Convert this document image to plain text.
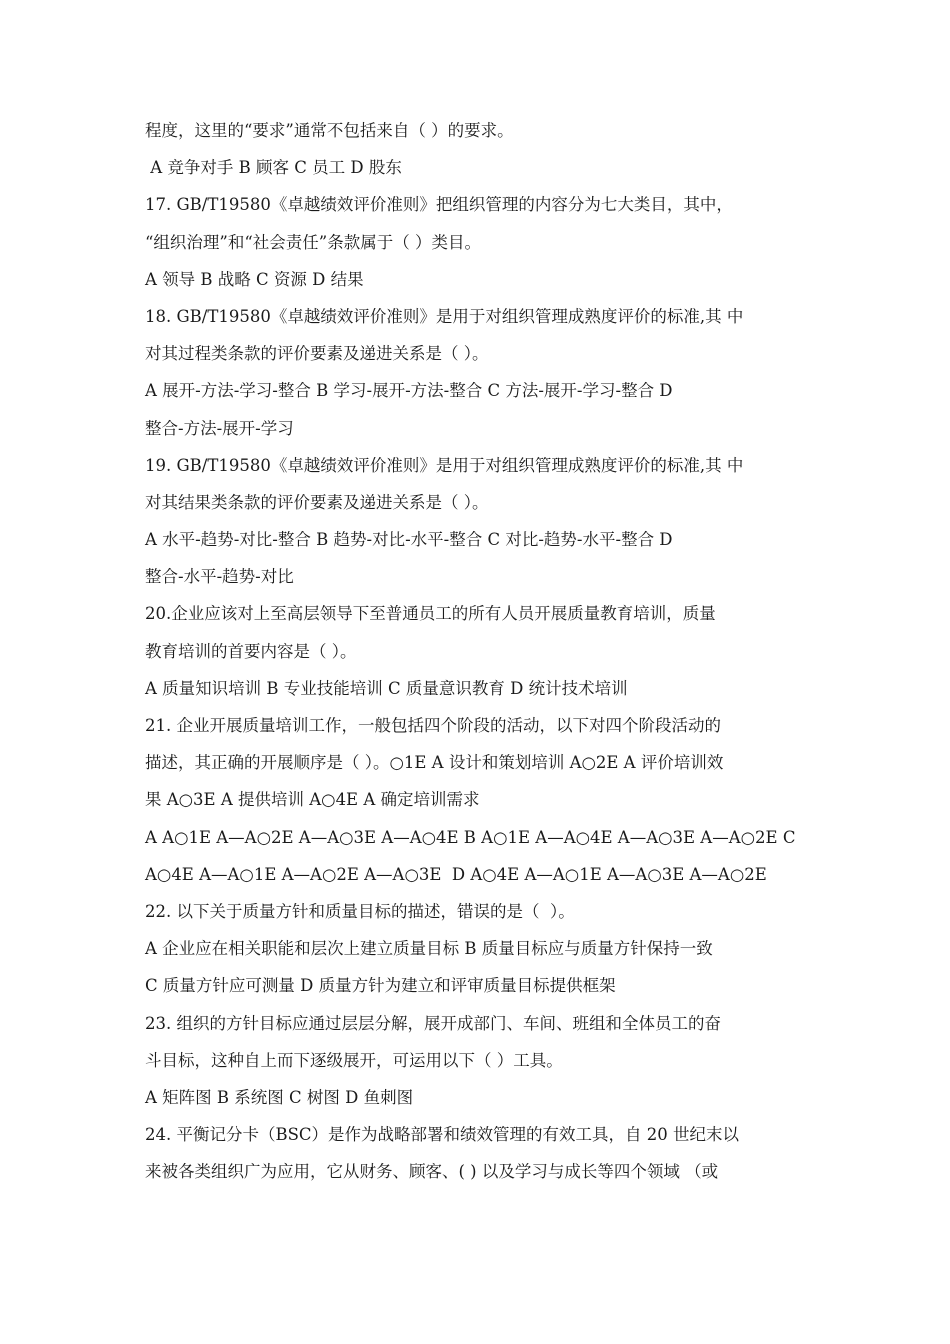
程度，这里的“要求”通常不包括来自（ ）的要求。
A 竞争对手 B 顾客 C 员工 D 股东
17. GB/T19580《卓越绩效评价准则》把组织管理的内容分为七大类目，其中，
“组织治理”和“社会责任”条款属于（ ）类目。
A 领导 B 战略 C 资源 D 结果
18. GB/T19580《卓越绩效评价准则》是用于对组织管理成熟度评价的标准,其 中
对其过程类条款的评价要素及递进关系是（ ）。
A 展开-方法-学习-整合 B 学习-展开-方法-整合 C 方法-展开-学习-整合 D
整合-方法-展开-学习
19. GB/T19580《卓越绩效评价准则》是用于对组织管理成熟度评价的标准,其 中
对其结果类条款的评价要素及递进关系是（ ）。
A 水平-趋势-对比-整合 B 趋势-对比-水平-整合 C 对比-趋势-水平-整合 D
整合-水平-趋势-对比
20.企业应该对上至高层领导下至普通员工的所有人员开展质量教育培训，质量
教育培训的首要内容是（ ）。
A 质量知识培训 B 专业技能培训 C 质量意识教育 D 统计技术培训
21. 企业开展质量培训工作，一般包括四个阶段的活动，以下对四个阶段活动的
描述，其正确的开展顺序是（ ）。○1E A 设计和策划培训 A○2E A 评价培训效
果 A○3E A 提供培训 A○4E A 确定培训需求
A A○1E A—A○2E A—A○3E A—A○4E B A○1E A—A○4E A—A○3E A—A○2E C
A○4E A—A○1E A—A○2E A—A○3E  D A○4E A—A○1E A—A○3E A—A○2E
22. 以下关于质量方针和质量目标的描述，错误的是（  ）。
A 企业应在相关职能和层次上建立质量目标 B 质量目标应与质量方针保持一致
C 质量方针应可测量 D 质量方针为建立和评审质量目标提供框架
23. 组织的方针目标应通过层层分解，展开成部门、车间、班组和全体员工的奋
斗目标，这种自上而下逐级展开，可运用以下（ ）工具。
A 矩阵图 B 系统图 C 树图 D 鱼刺图
24. 平衡记分卡（BSC）是作为战略部署和绩效管理的有效工具，自 20 世纪末以
来被各类组织广为应用，它从财务、顾客、( ) 以及学习与成长等四个领域 （或
